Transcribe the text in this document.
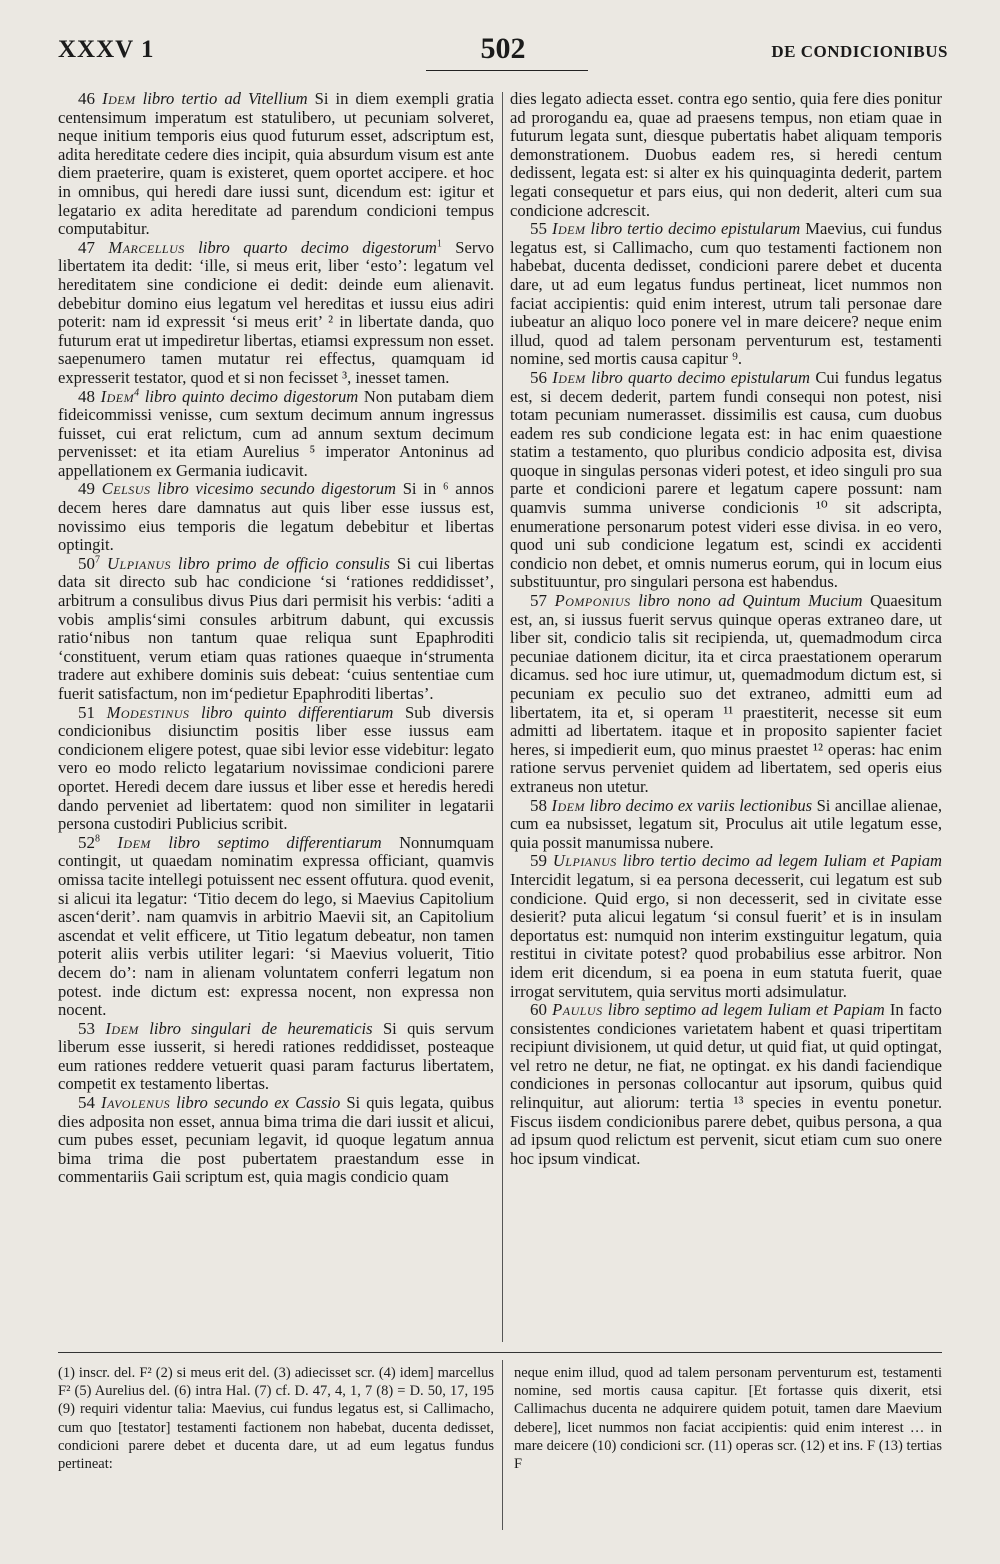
XXXV 1	502	DE CONDICIONIBUS

46 Idem libro tertio ad Vitellium Si in diem exempli gratia centensimum imperatum est statulibero, ut pecuniam solveret, neque initium temporis eius quod futurum esset, adscriptum est, adita hereditate cedere dies incipit, quia absurdum visum est ante diem praeterire, quam is existeret, quem oportet accipere. et hoc in omnibus, qui heredi dare iussi sunt, dicendum est: igitur et legatario ex adita hereditate ad parendum condicioni tempus computabitur.

47 Marcellus libro quarto decimo digestorum$^1$ Servo libertatem ita dedit: ‘ille, si meus erit, liber ‘esto’: legatum vel hereditatem sine condicione ei dedit: deinde eum alienavit. debebitur domino eius legatum vel hereditas et iussu eius adiri poterit: nam id expressit ‘si meus erit’ ² in libertate danda, quo futurum erat ut impediretur libertas, etiamsi expressum non esset. saepenumero tamen mutatur rei effectus, quamquam id expresserit testator, quod et si non fecisset ³, inesset tamen.

48 Idem$^4$ libro quinto decimo digestorum Non putabam diem fideicommissi venisse, cum sextum decimum annum ingressus fuisset, cui erat relictum, cum ad annum sextum decimum pervenisset: et ita etiam Aurelius ⁵ imperator Antoninus ad appellationem ex Germania iudicavit.

49 Celsus libro vicesimo secundo digestorum Si in ⁶ annos decem heres dare damnatus aut quis liber esse iussus est, novissimo eius temporis die legatum debebitur et libertas optingit.

$50^7$ Ulpianus libro primo de officio consulis Si cui libertas data sit directo sub hac condicione ‘si ‘rationes reddidisset’, arbitrum a consulibus divus Pius dari permisit his verbis: ‘aditi a vobis amplis‘simi consules arbitrum dabunt, qui excussis ratio‘nibus non tantum quae reliqua sunt Epaphroditi ‘constituent, verum etiam quas rationes quaeque in‘strumenta tradere aut exhibere dominis suis debeat: ‘cuius sententiae cum fuerit satisfactum, non im‘pedietur Epaphroditi libertas’.

51 Modestinus libro quinto differentiarum Sub diversis condicionibus disiunctim positis liber esse iussus eam condicionem eligere potest, quae sibi levior esse videbitur: legato vero eo modo relicto legatarium novissimae condicioni parere oportet. Heredi decem dare iussus et liber esse et heredis heredi dando perveniet ad libertatem: quod non similiter in legatarii persona custodiri Publicius scribit.

$52^8$ Idem libro septimo differentiarum Nonnumquam contingit, ut quaedam nominatim expressa officiant, quamvis omissa tacite intellegi potuissent nec essent offutura. quod evenit, si alicui ita legatur: ‘Titio decem do lego, si Maevius Capitolium ascen‘derit’. nam quamvis in arbitrio Maevii sit, an Capitolium ascendat et velit efficere, ut Titio legatum debeatur, non tamen poterit aliis verbis utiliter legari: ‘si Maevius voluerit, Titio decem do’: nam in alienam voluntatem conferri legatum non potest. inde dictum est: expressa nocent, non expressa non nocent.

53 Idem libro singulari de heurematicis Si quis servum liberum esse iusserit, si heredi rationes reddidisset, posteaque eum rationes reddere vetuerit quasi param facturus libertatem, competit ex testamento libertas.

54 Iavolenus libro secundo ex Cassio Si quis legata, quibus dies adposita non esset, annua bima trima die dari iussit et alicui, cum pubes esset, pecuniam legavit, id quoque legatum annua bima trima die post pubertatem praestandum esse in commentariis Gaii scriptum est, quia magis condicio quam

dies legato adiecta esset. contra ego sentio, quia fere dies ponitur ad prorogandu ea, quae ad praesens tempus, non etiam quae in futurum legata sunt, diesque pubertatis habet aliquam temporis demonstrationem. Duobus eadem res, si heredi centum dedissent, legata est: si alter ex his quinquaginta dederit, partem legati consequetur et pars eius, qui non dederit, alteri cum sua condicione adcrescit.

55 Idem libro tertio decimo epistularum Maevius, cui fundus legatus est, si Callimacho, cum quo testamenti factionem non habebat, ducenta dedisset, condicioni parere debet et ducenta dare, ut ad eum legatus fundus pertineat, licet nummos non faciat accipientis: quid enim interest, utrum tali personae dare iubeatur an aliquo loco ponere vel in mare deicere? neque enim illud, quod ad talem personam perventurum est, testamenti nomine, sed mortis causa capitur ⁹.

56 Idem libro quarto decimo epistularum Cui fundus legatus est, si decem dederit, partem fundi consequi non potest, nisi totam pecuniam numerasset. dissimilis est causa, cum duobus eadem res sub condicione legata est: in hac enim quaestione statim a testamento, quo pluribus condicio adposita est, divisa quoque in singulas personas videri potest, et ideo singuli pro sua parte et condicioni parere et legatum capere possunt: nam quamvis summa universe condicionis ¹⁰ sit adscripta, enumeratione personarum potest videri esse divisa. in eo vero, quod uni sub condicione legatum est, scindi ex accidenti condicio non debet, et omnis numerus eorum, qui in locum eius substituuntur, pro singulari persona est habendus.

57 Pomponius libro nono ad Quintum Mucium Quaesitum est, an, si iussus fuerit servus quinque operas extraneo dare, ut liber sit, condicio talis sit recipienda, ut, quemadmodum circa pecuniae dationem dicitur, ita et circa praestationem operarum dicamus. sed hoc iure utimur, ut, quemadmodum dictum est, si pecuniam ex peculio suo det extraneo, admitti eum ad libertatem, ita et, si operam ¹¹ praestiterit, necesse sit eum admitti ad libertatem. itaque et in proposito sapienter faciet heres, si impedierit eum, quo minus praestet ¹² operas: hac enim ratione servus perveniet quidem ad libertatem, sed operis eius extraneus non utetur.

58 Idem libro decimo ex variis lectionibus Si ancillae alienae, cum ea nubsisset, legatum sit, Proculus ait utile legatum esse, quia possit manumissa nubere.

59 Ulpianus libro tertio decimo ad legem Iuliam et Papiam Intercidit legatum, si ea persona decesserit, cui legatum est sub condicione. Quid ergo, si non decesserit, sed in civitate esse desierit? puta alicui legatum ‘si consul fuerit’ et is in insulam deportatus est: numquid non interim exstinguitur legatum, quia restitui in civitate potest? quod probabilius esse arbitror. Non idem erit dicendum, si ea poena in eum statuta fuerit, quae irrogat servitutem, quia servitus morti adsimulatur.

60 Paulus libro septimo ad legem Iuliam et Papiam In facto consistentes condiciones varietatem habent et quasi tripertitam recipiunt divisionem, ut quid detur, ut quid fiat, ut quid optingat, vel retro ne detur, ne fiat, ne optingat. ex his dandi faciendique condiciones in personas collocantur aut ipsorum, quibus quid relinquitur, aut aliorum: tertia ¹³ species in eventu ponetur. Fiscus iisdem condicionibus parere debet, quibus persona, a qua ad ipsum quod relictum est pervenit, sicut etiam cum suo onere hoc ipsum vindicat.

(1) inscr. del. F² (2) si meus erit del. (3) adiecisset scr. (4) idem] marcellus F² (5) Aurelius del. (6) intra Hal. (7) cf. D. 47, 4, 1, 7 (8) = D. 50, 17, 195 (9) requiri videntur talia: Maevius, cui fundus legatus est, si Callimacho, cum quo [testator] testamenti factionem non habebat, ducenta dedisset, condicioni parere debet et ducenta dare, ut ad eum legatus fundus pertineat:
neque enim illud, quod ad talem personam perventurum est, testamenti nomine, sed mortis causa capitur. [Et fortasse quis dixerit, etsi Callimachus ducenta ne adquirere quidem potuit, tamen dare Maevium debere], licet nummos non faciat accipientis: quid enim interest … in mare deicere (10) condicioni scr. (11) operas scr. (12) et ins. F (13) tertias F
